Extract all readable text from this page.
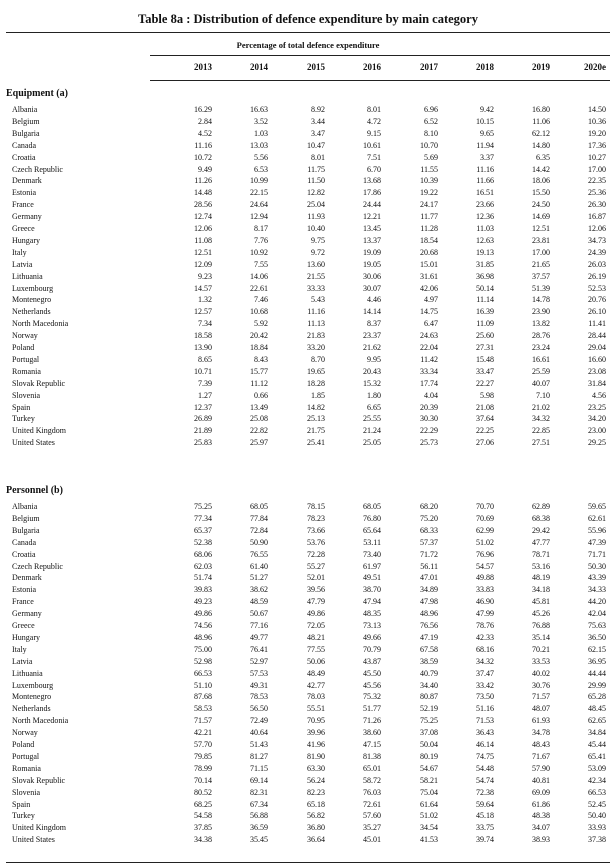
Table 8a : Distribution of defence expenditure by main category
Percentage of total defence expenditure
2013	2014	2015	2016	2017	2018	2019	2020e
Equipment (a)
Albania	16.29	16.63	8.92	8.01	6.96	9.42	16.80	14.50
Belgium	2.84	3.52	3.44	4.72	6.52	10.15	11.06	10.36
Bulgaria	4.52	1.03	3.47	9.15	8.10	9.65	62.12	19.20
Canada	11.16	13.03	10.47	10.61	10.70	11.94	14.80	17.36
Croatia	10.72	5.56	8.01	7.51	5.69	3.37	6.35	10.27
Czech Republic	9.49	6.53	11.75	6.70	11.55	11.16	14.42	17.00
Denmark	11.26	10.99	11.50	13.68	10.39	11.66	18.06	22.35
Estonia	14.48	22.15	12.82	17.86	19.22	16.51	15.50	25.36
France	28.56	24.64	25.04	24.44	24.17	23.66	24.50	26.30
Germany	12.74	12.94	11.93	12.21	11.77	12.36	14.69	16.87
Greece	12.06	8.17	10.40	13.45	11.28	11.03	12.51	12.06
Hungary	11.08	7.76	9.75	13.37	18.54	12.63	23.81	34.73
Italy	12.51	10.92	9.72	19.09	20.68	19.13	17.00	24.39
Latvia	12.09	7.55	13.60	19.05	15.01	31.85	21.65	26.03
Lithuania	9.23	14.06	21.55	30.06	31.61	36.98	37.57	26.19
Luxembourg	14.57	22.61	33.33	30.07	42.06	50.14	51.39	52.53
Montenegro	1.32	7.46	5.43	4.46	4.97	11.14	14.78	20.76
Netherlands	12.57	10.68	11.16	14.14	14.75	16.39	23.90	26.10
North Macedonia	7.34	5.92	11.13	8.37	6.47	11.09	13.82	11.41
Norway	18.58	20.42	21.83	23.37	24.63	25.60	28.76	28.44
Poland	13.90	18.84	33.20	21.62	22.04	27.31	23.24	29.04
Portugal	8.65	8.43	8.70	9.95	11.42	15.48	16.61	16.60
Romania	10.71	15.77	19.65	20.43	33.34	33.47	25.59	23.08
Slovak Republic	7.39	11.12	18.28	15.32	17.74	22.27	40.07	31.84
Slovenia	1.27	0.66	1.85	1.80	4.04	5.98	7.10	4.56
Spain	12.37	13.49	14.82	6.65	20.39	21.08	21.02	23.25
Turkey	26.89	25.08	25.13	25.55	30.30	37.64	34.32	34.20
United Kingdom	21.89	22.82	21.75	21.24	22.29	22.25	22.85	23.00
United States	25.83	25.97	25.41	25.05	25.73	27.06	27.51	29.25
Personnel (b)
Albania	75.25	68.05	78.15	68.05	68.20	70.70	62.89	59.65
Belgium	77.34	77.84	78.23	76.80	75.20	70.69	68.38	62.61
Bulgaria	65.37	72.84	73.66	65.64	68.33	62.99	29.42	55.96
Canada	52.38	50.90	53.76	53.11	57.37	51.02	47.77	47.39
Croatia	68.06	76.55	72.28	73.40	71.72	76.96	78.71	71.71
Czech Republic	62.03	61.40	55.27	61.97	56.11	54.57	53.16	50.30
Denmark	51.74	51.27	52.01	49.51	47.01	49.88	48.19	43.39
Estonia	39.83	38.62	39.56	38.70	34.89	33.83	34.18	34.33
France	49.23	48.59	47.79	47.94	47.98	46.90	45.81	44.20
Germany	49.86	50.67	49.86	48.35	48.96	47.99	45.26	42.04
Greece	74.56	77.16	72.05	73.13	76.56	78.76	76.88	75.63
Hungary	48.96	49.77	48.21	49.66	47.19	42.33	35.14	36.50
Italy	75.00	76.41	77.55	70.79	67.58	68.16	70.21	62.15
Latvia	52.98	52.97	50.06	43.87	38.59	34.32	33.53	36.95
Lithuania	66.53	57.53	48.49	45.50	40.79	37.47	40.02	44.44
Luxembourg	51.10	49.31	42.77	45.56	34.40	33.42	30.76	29.99
Montenegro	87.68	78.53	78.03	75.32	80.87	73.50	71.57	65.28
Netherlands	58.53	56.50	55.51	51.77	52.19	51.16	48.07	48.45
North Macedonia	71.57	72.49	70.95	71.26	75.25	71.53	61.93	62.65
Norway	42.21	40.64	39.96	38.60	37.08	36.43	34.78	34.84
Poland	57.70	51.43	41.96	47.15	50.04	46.14	48.43	45.44
Portugal	79.85	81.27	81.90	81.38	80.19	74.75	71.67	65.41
Romania	78.99	71.15	63.30	65.01	54.67	54.48	57.90	53.09
Slovak Republic	70.14	69.14	56.24	58.72	58.21	54.74	40.81	42.34
Slovenia	80.52	82.31	82.23	76.03	75.04	72.38	69.09	66.53
Spain	68.25	67.34	65.18	72.61	61.64	59.64	61.86	52.45
Turkey	54.58	56.88	56.82	57.60	51.02	45.18	48.38	50.40
United Kingdom	37.85	36.59	36.80	35.27	34.54	33.75	34.07	33.93
United States	34.38	35.45	36.64	45.01	41.53	39.74	38.93	37.38
